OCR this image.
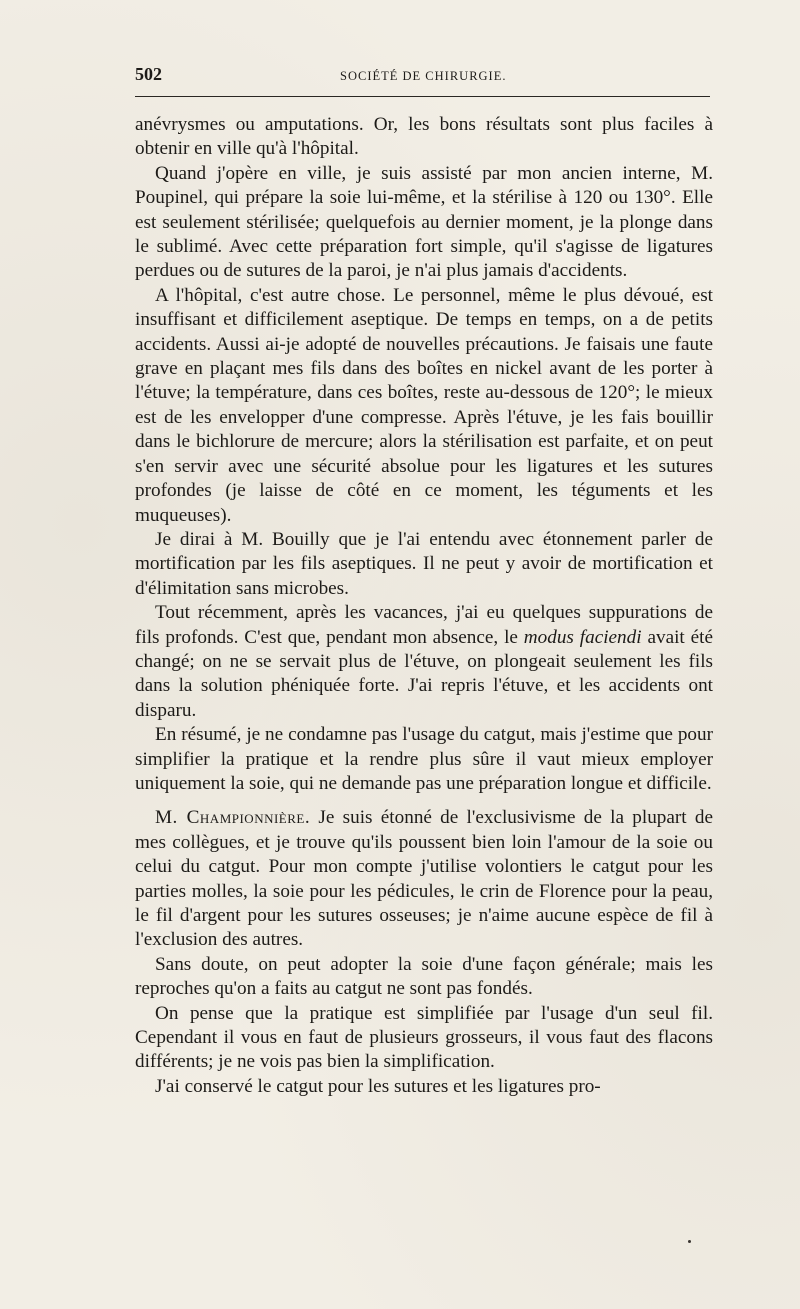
502	SOCIÉTÉ DE CHIRURGIE.

anévrysmes ou amputations. Or, les bons résultats sont plus faciles à obtenir en ville qu'à l'hôpital.

Quand j'opère en ville, je suis assisté par mon ancien interne, M. Poupinel, qui prépare la soie lui-même, et la stérilise à 120 ou 130°. Elle est seulement stérilisée; quelquefois au dernier moment, je la plonge dans le sublimé. Avec cette préparation fort simple, qu'il s'agisse de ligatures perdues ou de sutures de la paroi, je n'ai plus jamais d'accidents.

A l'hôpital, c'est autre chose. Le personnel, même le plus dévoué, est insuffisant et difficilement aseptique. De temps en temps, on a de petits accidents. Aussi ai-je adopté de nouvelles précautions. Je faisais une faute grave en plaçant mes fils dans des boîtes en nickel avant de les porter à l'étuve; la température, dans ces boîtes, reste au-dessous de 120°; le mieux est de les envelopper d'une compresse. Après l'étuve, je les fais bouillir dans le bichlorure de mercure; alors la stérilisation est parfaite, et on peut s'en servir avec une sécurité absolue pour les ligatures et les sutures profondes (je laisse de côté en ce moment, les téguments et les muqueuses).

Je dirai à M. Bouilly que je l'ai entendu avec étonnement parler de mortification par les fils aseptiques. Il ne peut y avoir de mortification et d'élimitation sans microbes.

Tout récemment, après les vacances, j'ai eu quelques suppurations de fils profonds. C'est que, pendant mon absence, le modus faciendi avait été changé; on ne se servait plus de l'étuve, on plongeait seulement les fils dans la solution phéniquée forte. J'ai repris l'étuve, et les accidents ont disparu.

En résumé, je ne condamne pas l'usage du catgut, mais j'estime que pour simplifier la pratique et la rendre plus sûre il vaut mieux employer uniquement la soie, qui ne demande pas une préparation longue et difficile.

M. Championnière. Je suis étonné de l'exclusivisme de la plupart de mes collègues, et je trouve qu'ils poussent bien loin l'amour de la soie ou celui du catgut. Pour mon compte j'utilise volontiers le catgut pour les parties molles, la soie pour les pédicules, le crin de Florence pour la peau, le fil d'argent pour les sutures osseuses; je n'aime aucune espèce de fil à l'exclusion des autres.

Sans doute, on peut adopter la soie d'une façon générale; mais les reproches qu'on a faits au catgut ne sont pas fondés.

On pense que la pratique est simplifiée par l'usage d'un seul fil. Cependant il vous en faut de plusieurs grosseurs, il vous faut des flacons différents; je ne vois pas bien la simplification.

J'ai conservé le catgut pour les sutures et les ligatures pro-
